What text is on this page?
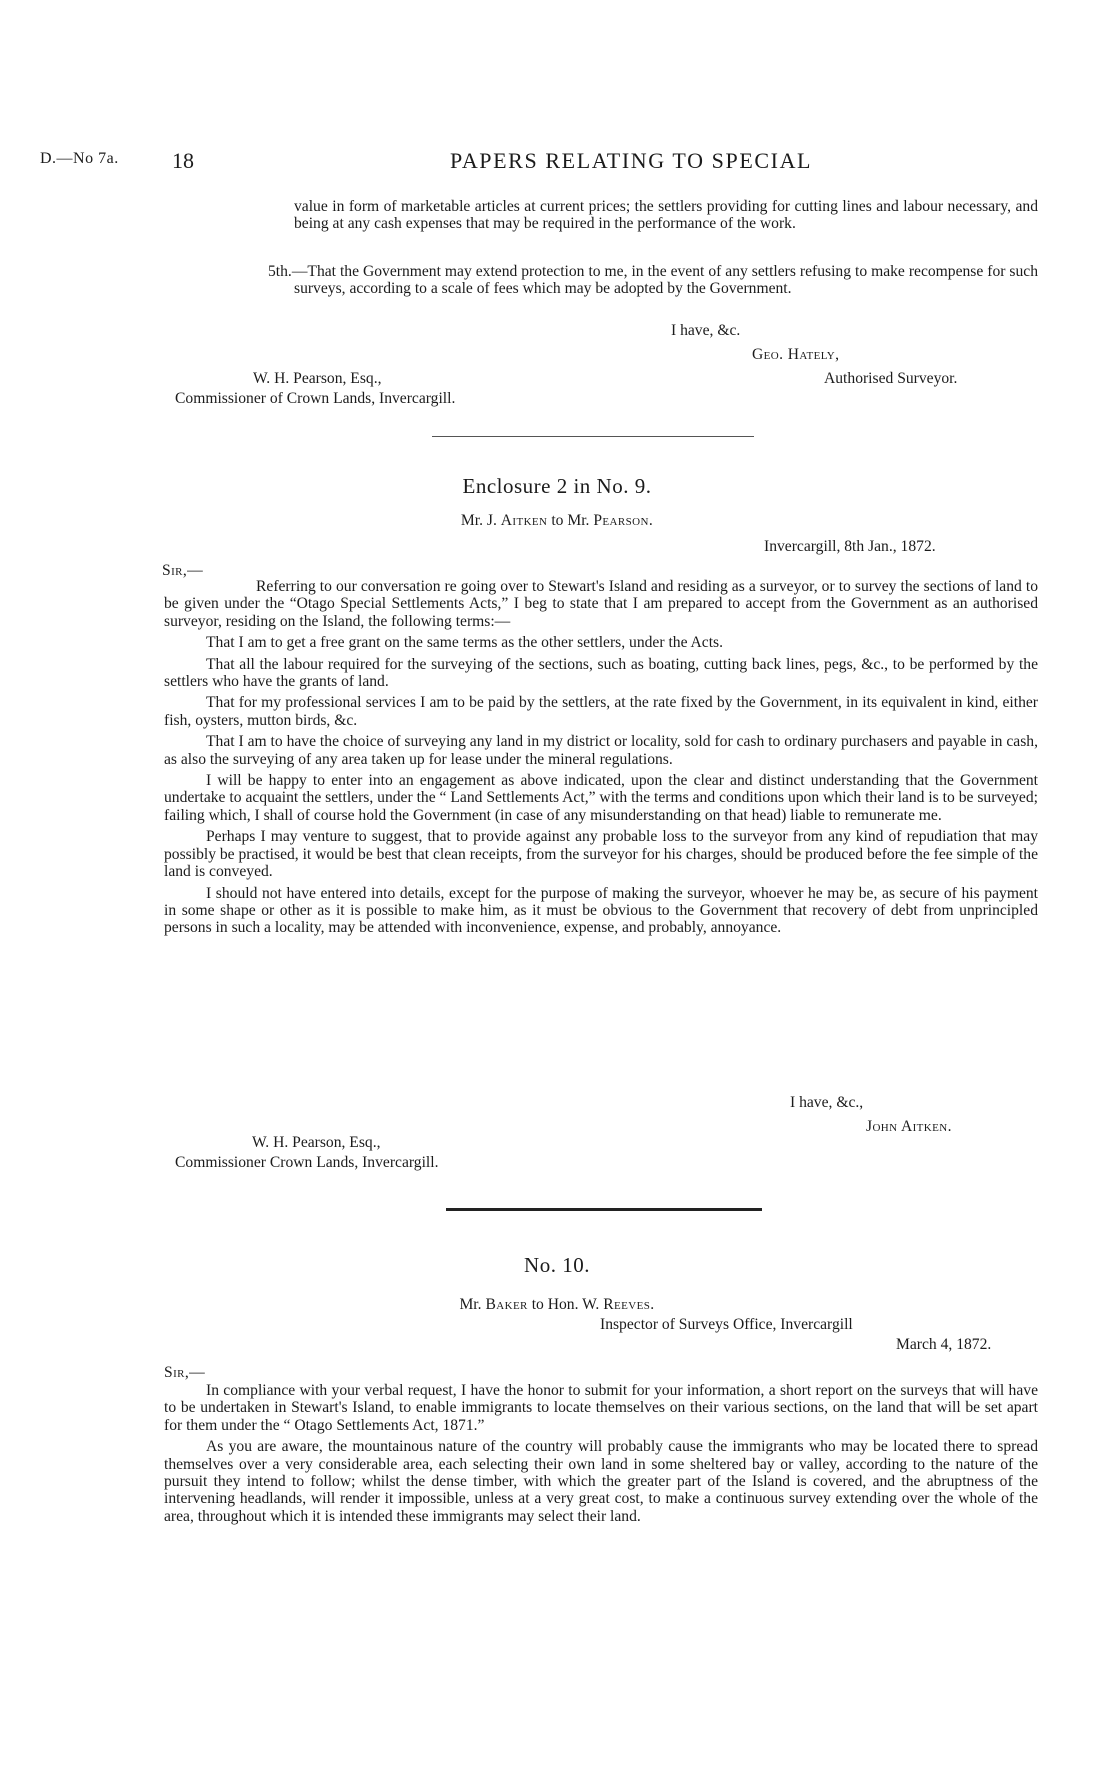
D.—No 7a. 18	PAPERS RELATING TO SPECIAL

value in form of marketable articles at current prices; the settlers providing for cutting lines and labour necessary, and being at any cash expenses that may be required in the performance of the work.

5th.—That the Government may extend protection to me, in the event of any settlers refusing to make recompense for such surveys, according to a scale of fees which may be adopted by the Government.

I have, &c.
Geo. Hately,
W. H. Pearson, Esq.,	Authorised Surveyor.
Commissioner of Crown Lands, Invercargill.
Enclosure 2 in No. 9.
Mr. J. Aitken to Mr. Pearson.
Invercargill, 8th Jan., 1872.
Sir,—

Referring to our conversation re going over to Stewart's Island and residing as a surveyor, or to survey the sections of land to be given under the “Otago Special Settlements Acts,” I beg to state that I am prepared to accept from the Government as an authorised surveyor, residing on the Island, the following terms:—

That I am to get a free grant on the same terms as the other settlers, under the Acts.

That all the labour required for the surveying of the sections, such as boating, cutting back lines, pegs, &c., to be performed by the settlers who have the grants of land.

That for my professional services I am to be paid by the settlers, at the rate fixed by the Government, in its equivalent in kind, either fish, oysters, mutton birds, &c.

That I am to have the choice of surveying any land in my district or locality, sold for cash to ordinary purchasers and payable in cash, as also the surveying of any area taken up for lease under the mineral regulations.

I will be happy to enter into an engagement as above indicated, upon the clear and distinct understanding that the Government undertake to acquaint the settlers, under the “ Land Settlements Act,” with the terms and conditions upon which their land is to be surveyed; failing which, I shall of course hold the Government (in case of any misunderstanding on that head) liable to remunerate me.

Perhaps I may venture to suggest, that to provide against any probable loss to the surveyor from any kind of repudiation that may possibly be practised, it would be best that clean receipts, from the surveyor for his charges, should be produced before the fee simple of the land is conveyed.

I should not have entered into details, except for the purpose of making the surveyor, whoever he may be, as secure of his payment in some shape or other as it is possible to make him, as it must be obvious to the Government that recovery of debt from unprincipled persons in such a locality, may be attended with inconvenience, expense, and probably, annoyance.

I have, &c.,
John Aitken.
W. H. Pearson, Esq.,
Commissioner Crown Lands, Invercargill.
No. 10.
Mr. Baker to Hon. W. Reeves.
Inspector of Surveys Office, Invercargill
March 4, 1872.
Sir,—

In compliance with your verbal request, I have the honor to submit for your information, a short report on the surveys that will have to be undertaken in Stewart's Island, to enable immigrants to locate themselves on their various sections, on the land that will be set apart for them under the “ Otago Settlements Act, 1871.”

As you are aware, the mountainous nature of the country will probably cause the immigrants who may be located there to spread themselves over a very considerable area, each selecting their own land in some sheltered bay or valley, according to the nature of the pursuit they intend to follow; whilst the dense timber, with which the greater part of the Island is covered, and the abruptness of the intervening headlands, will render it impossible, unless at a very great cost, to make a continuous survey extending over the whole of the area, throughout which it is intended these immigrants may select their land.
